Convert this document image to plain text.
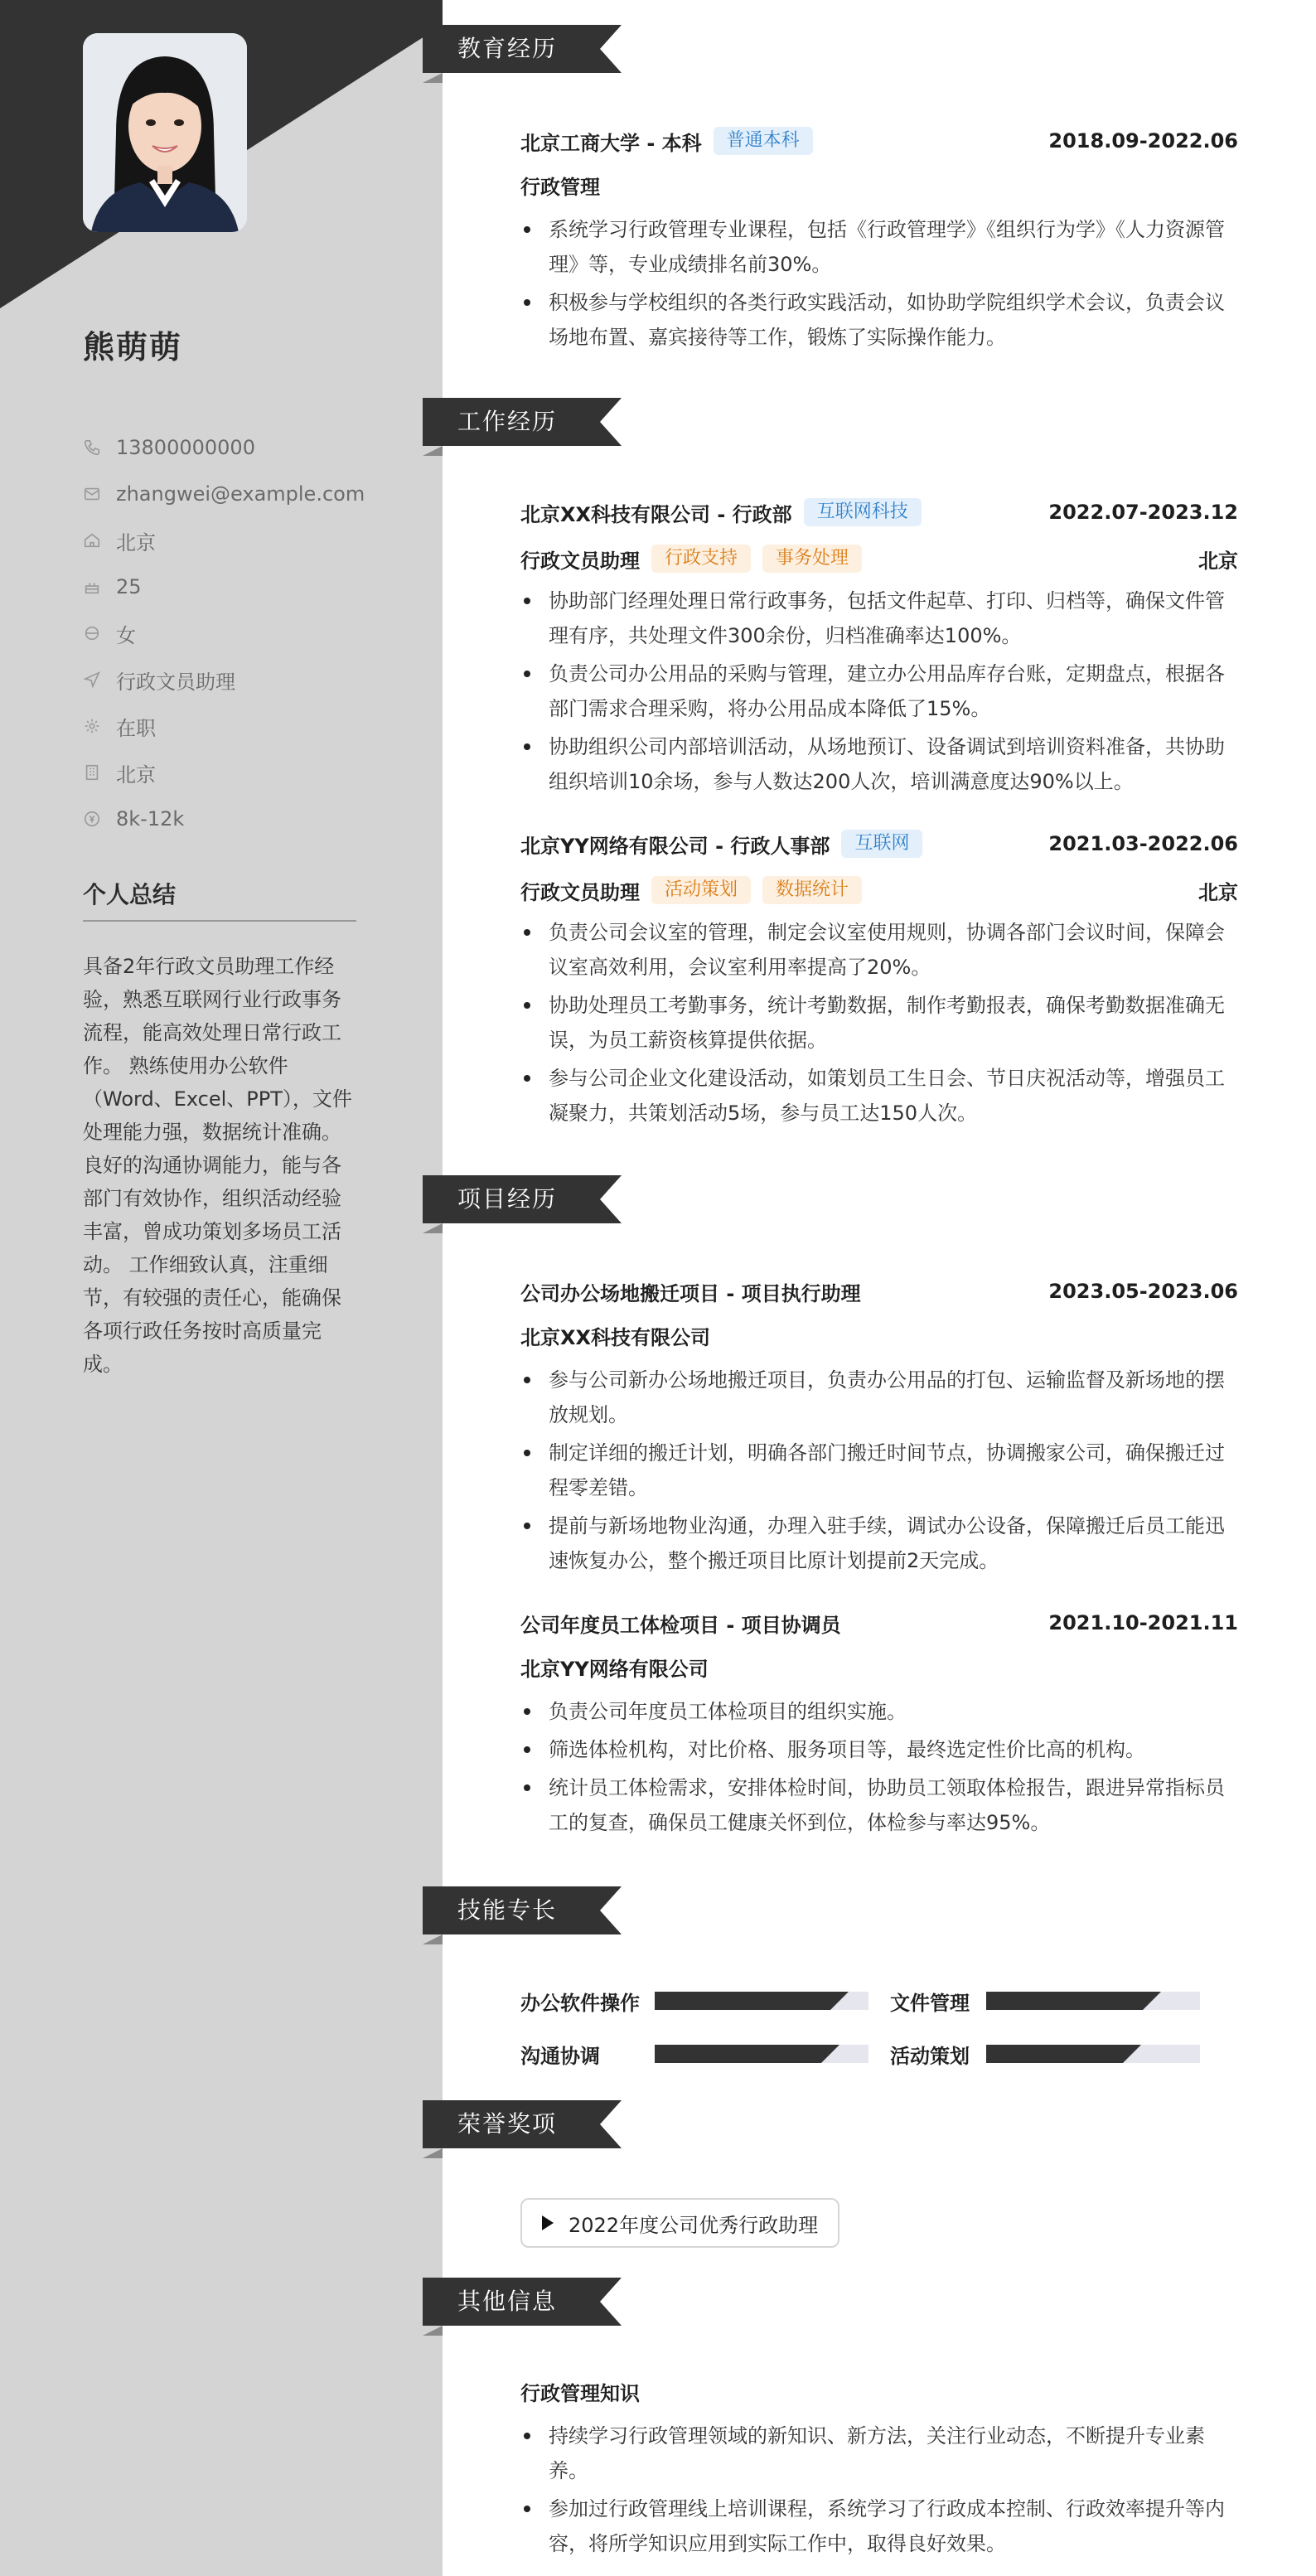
熊萌萌
13800000000
zhangwei@example.com
北京
25
女
行政文员助理
在职
北京
8k-12k
个人总结
具备2年行政文员助理工作经验，熟悉互联网行业行政事务流程，能高效处理日常行政工作。 熟练使用办公软件（Word、Excel、PPT），文件处理能力强，数据统计准确。 良好的沟通协调能力，能与各部门有效协作，组织活动经验丰富，曾成功策划多场员工活动。 工作细致认真，注重细节，有较强的责任心，能确保各项行政任务按时高质量完成。
教育经历
北京工商大学 - 本科	普通本科	2018.09-2022.06
行政管理
系统学习行政管理专业课程，包括《行政管理学》《组织行为学》《人力资源管理》等，专业成绩排名前30%。
积极参与学校组织的各类行政实践活动，如协助学院组织学术会议，负责会议场地布置、嘉宾接待等工作，锻炼了实际操作能力。
工作经历
北京XX科技有限公司 - 行政部	互联网科技	2022.07-2023.12
行政文员助理	行政支持	事务处理	北京
协助部门经理处理日常行政事务，包括文件起草、打印、归档等，确保文件管理有序，共处理文件300余份，归档准确率达100%。
负责公司办公用品的采购与管理，建立办公用品库存台账，定期盘点，根据各部门需求合理采购，将办公用品成本降低了15%。
协助组织公司内部培训活动，从场地预订、设备调试到培训资料准备，共协助组织培训10余场，参与人数达200人次，培训满意度达90%以上。
北京YY网络有限公司 - 行政人事部	互联网	2021.03-2022.06
行政文员助理	活动策划	数据统计	北京
负责公司会议室的管理，制定会议室使用规则，协调各部门会议时间，保障会议室高效利用，会议室利用率提高了20%。
协助处理员工考勤事务，统计考勤数据，制作考勤报表，确保考勤数据准确无误，为员工薪资核算提供依据。
参与公司企业文化建设活动，如策划员工生日会、节日庆祝活动等，增强员工凝聚力，共策划活动5场，参与员工达150人次。
项目经历
公司办公场地搬迁项目 - 项目执行助理	2023.05-2023.06
北京XX科技有限公司
参与公司新办公场地搬迁项目，负责办公用品的打包、运输监督及新场地的摆放规划。
制定详细的搬迁计划，明确各部门搬迁时间节点，协调搬家公司，确保搬迁过程零差错。
提前与新场地物业沟通，办理入驻手续，调试办公设备，保障搬迁后员工能迅速恢复办公，整个搬迁项目比原计划提前2天完成。
公司年度员工体检项目 - 项目协调员	2021.10-2021.11
北京YY网络有限公司
负责公司年度员工体检项目的组织实施。
筛选体检机构，对比价格、服务项目等，最终选定性价比高的机构。
统计员工体检需求，安排体检时间，协助员工领取体检报告，跟进异常指标员工的复查，确保员工健康关怀到位，体检参与率达95%。
技能专长
办公软件操作	文件管理
沟通协调	活动策划
荣誉奖项
2022年度公司优秀行政助理
其他信息
行政管理知识
持续学习行政管理领域的新知识、新方法，关注行业动态，不断提升专业素养。
参加过行政管理线上培训课程，系统学习了行政成本控制、行政效率提升等内容，将所学知识应用到实际工作中，取得良好效果。
